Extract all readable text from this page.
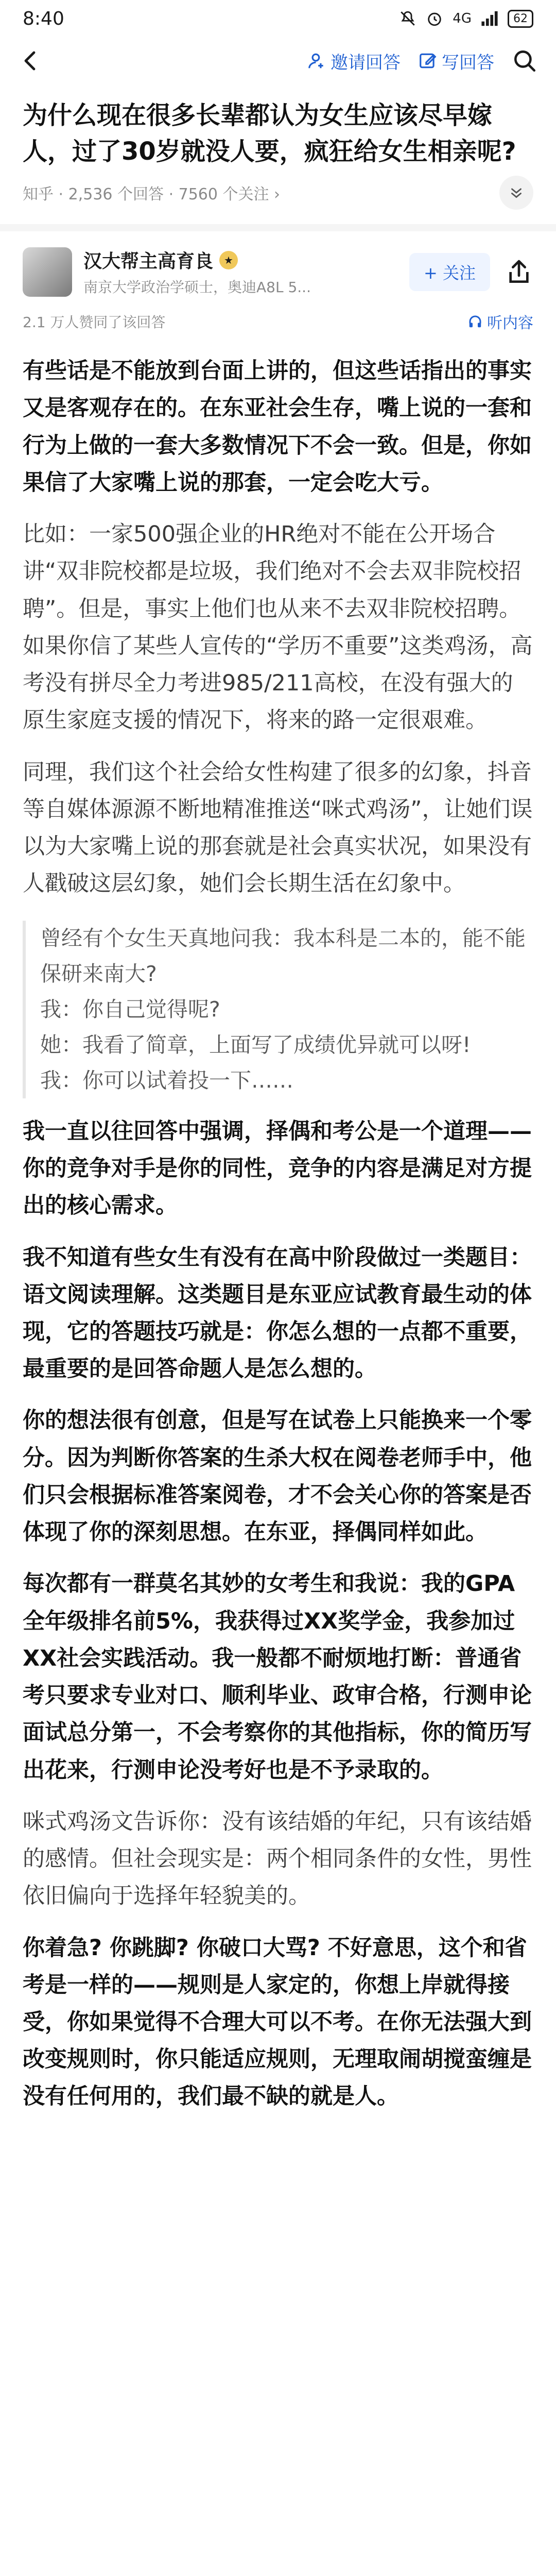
8:40	4G	62
邀请回答 写回答
为什么现在很多长辈都认为女生应该尽早嫁人，过了30岁就没人要，疯狂给女生相亲呢?
知乎 · 2,536 个回答 · 7560 个关注 ›
汉大帮主高育良	★
南京大学政治学硕士，奥迪A8L 5...
+ 关注
2.1 万人赞同了该回答	听内容

有些话是不能放到台面上讲的，但这些话指出的事实又是客观存在的。在东亚社会生存，嘴上说的一套和行为上做的一套大多数情况下不会一致。但是，你如果信了大家嘴上说的那套，一定会吃大亏。

比如：一家500强企业的HR绝对不能在公开场合讲“双非院校都是垃圾，我们绝对不会去双非院校招聘”。但是，事实上他们也从来不去双非院校招聘。如果你信了某些人宣传的“学历不重要”这类鸡汤，高考没有拼尽全力考进985/211高校，在没有强大的原生家庭支援的情况下，将来的路一定很艰难。

同理，我们这个社会给女性构建了很多的幻象，抖音等自媒体源源不断地精准推送“咪式鸡汤”，让她们误以为大家嘴上说的那套就是社会真实状况，如果没有人戳破这层幻象，她们会长期生活在幻象中。

曾经有个女生天真地问我：我本科是二本的，能不能保研来南大?
我：你自己觉得呢?
她：我看了简章，上面写了成绩优异就可以呀!
我：你可以试着投一下……

我一直以往回答中强调，择偶和考公是一个道理——你的竞争对手是你的同性，竞争的内容是满足对方提出的核心需求。

我不知道有些女生有没有在高中阶段做过一类题目：语文阅读理解。这类题目是东亚应试教育最生动的体现，它的答题技巧就是：你怎么想的一点都不重要，最重要的是回答命题人是怎么想的。

你的想法很有创意，但是写在试卷上只能换来一个零分。因为判断你答案的生杀大权在阅卷老师手中，他们只会根据标准答案阅卷，才不会关心你的答案是否体现了你的深刻思想。在东亚，择偶同样如此。

每次都有一群莫名其妙的女考生和我说：我的GPA全年级排名前5%，我获得过XX奖学金，我参加过XX社会实践活动。我一般都不耐烦地打断：普通省考只要求专业对口、顺利毕业、政审合格，行测申论面试总分第一，不会考察你的其他指标，你的简历写出花来，行测申论没考好也是不予录取的。

咪式鸡汤文告诉你：没有该结婚的年纪，只有该结婚的感情。但社会现实是：两个相同条件的女性，男性依旧偏向于选择年轻貌美的。

你着急? 你跳脚? 你破口大骂? 不好意思，这个和省考是一样的——规则是人家定的，你想上岸就得接受，你如果觉得不合理大可以不考。在你无法强大到改变规则时，你只能适应规则，无理取闹胡搅蛮缠是没有任何用的，我们最不缺的就是人。
